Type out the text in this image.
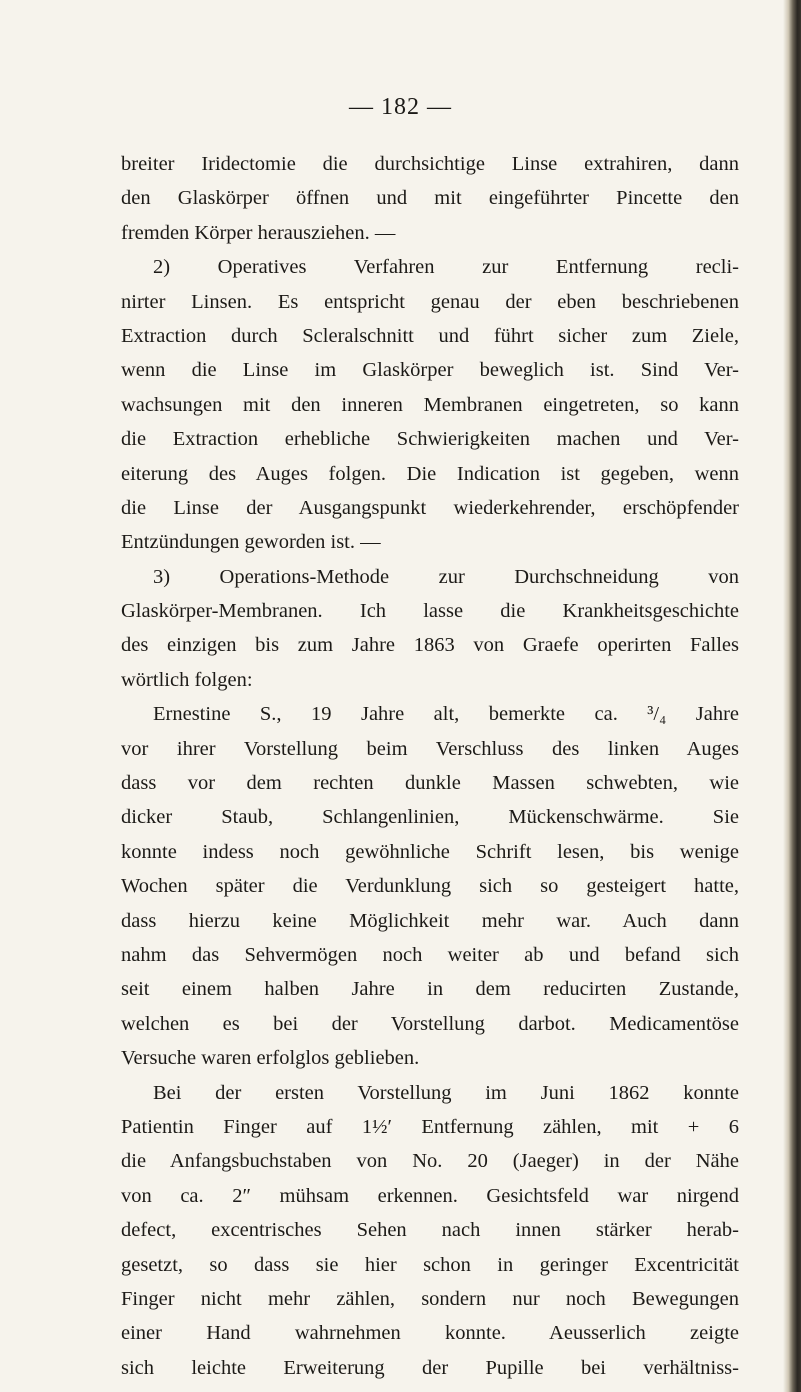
— 182 —
breiter Iridectomie die durchsichtige Linse extrahiren, dann
den Glaskörper öffnen und mit eingeführter Pincette den
fremden Körper herausziehen. —
2) Operatives Verfahren zur Entfernung recli-
nirter Linsen. Es entspricht genau der eben beschriebenen
Extraction durch Scleralschnitt und führt sicher zum Ziele,
wenn die Linse im Glaskörper beweglich ist. Sind Ver-
wachsungen mit den inneren Membranen eingetreten, so kann
die Extraction erhebliche Schwierigkeiten machen und Ver-
eiterung des Auges folgen. Die Indication ist gegeben, wenn
die Linse der Ausgangspunkt wiederkehrender, erschöpfender
Entzündungen geworden ist. —
3) Operations-Methode zur Durchschneidung von
Glaskörper-Membranen. Ich lasse die Krankheitsgeschichte
des einzigen bis zum Jahre 1863 von Graefe operirten Falles
wörtlich folgen:
Ernestine S., 19 Jahre alt, bemerkte ca. ³/₄ Jahre
vor ihrer Vorstellung beim Verschluss des linken Auges
dass vor dem rechten dunkle Massen schwebten, wie
dicker Staub, Schlangenlinien, Mückenschwärme. Sie
konnte indess noch gewöhnliche Schrift lesen, bis wenige
Wochen später die Verdunklung sich so gesteigert hatte,
dass hierzu keine Möglichkeit mehr war. Auch dann
nahm das Sehvermögen noch weiter ab und befand sich
seit einem halben Jahre in dem reducirten Zustande,
welchen es bei der Vorstellung darbot. Medicamentöse
Versuche waren erfolglos geblieben.
Bei der ersten Vorstellung im Juni 1862 konnte
Patientin Finger auf 1½′ Entfernung zählen, mit + 6
die Anfangsbuchstaben von No. 20 (Jaeger) in der Nähe
von ca. 2″ mühsam erkennen. Gesichtsfeld war nirgend
defect, excentrisches Sehen nach innen stärker herab-
gesetzt, so dass sie hier schon in geringer Excentricität
Finger nicht mehr zählen, sondern nur noch Bewegungen
einer Hand wahrnehmen konnte. Aeusserlich zeigte
sich leichte Erweiterung der Pupille bei verhältniss-
